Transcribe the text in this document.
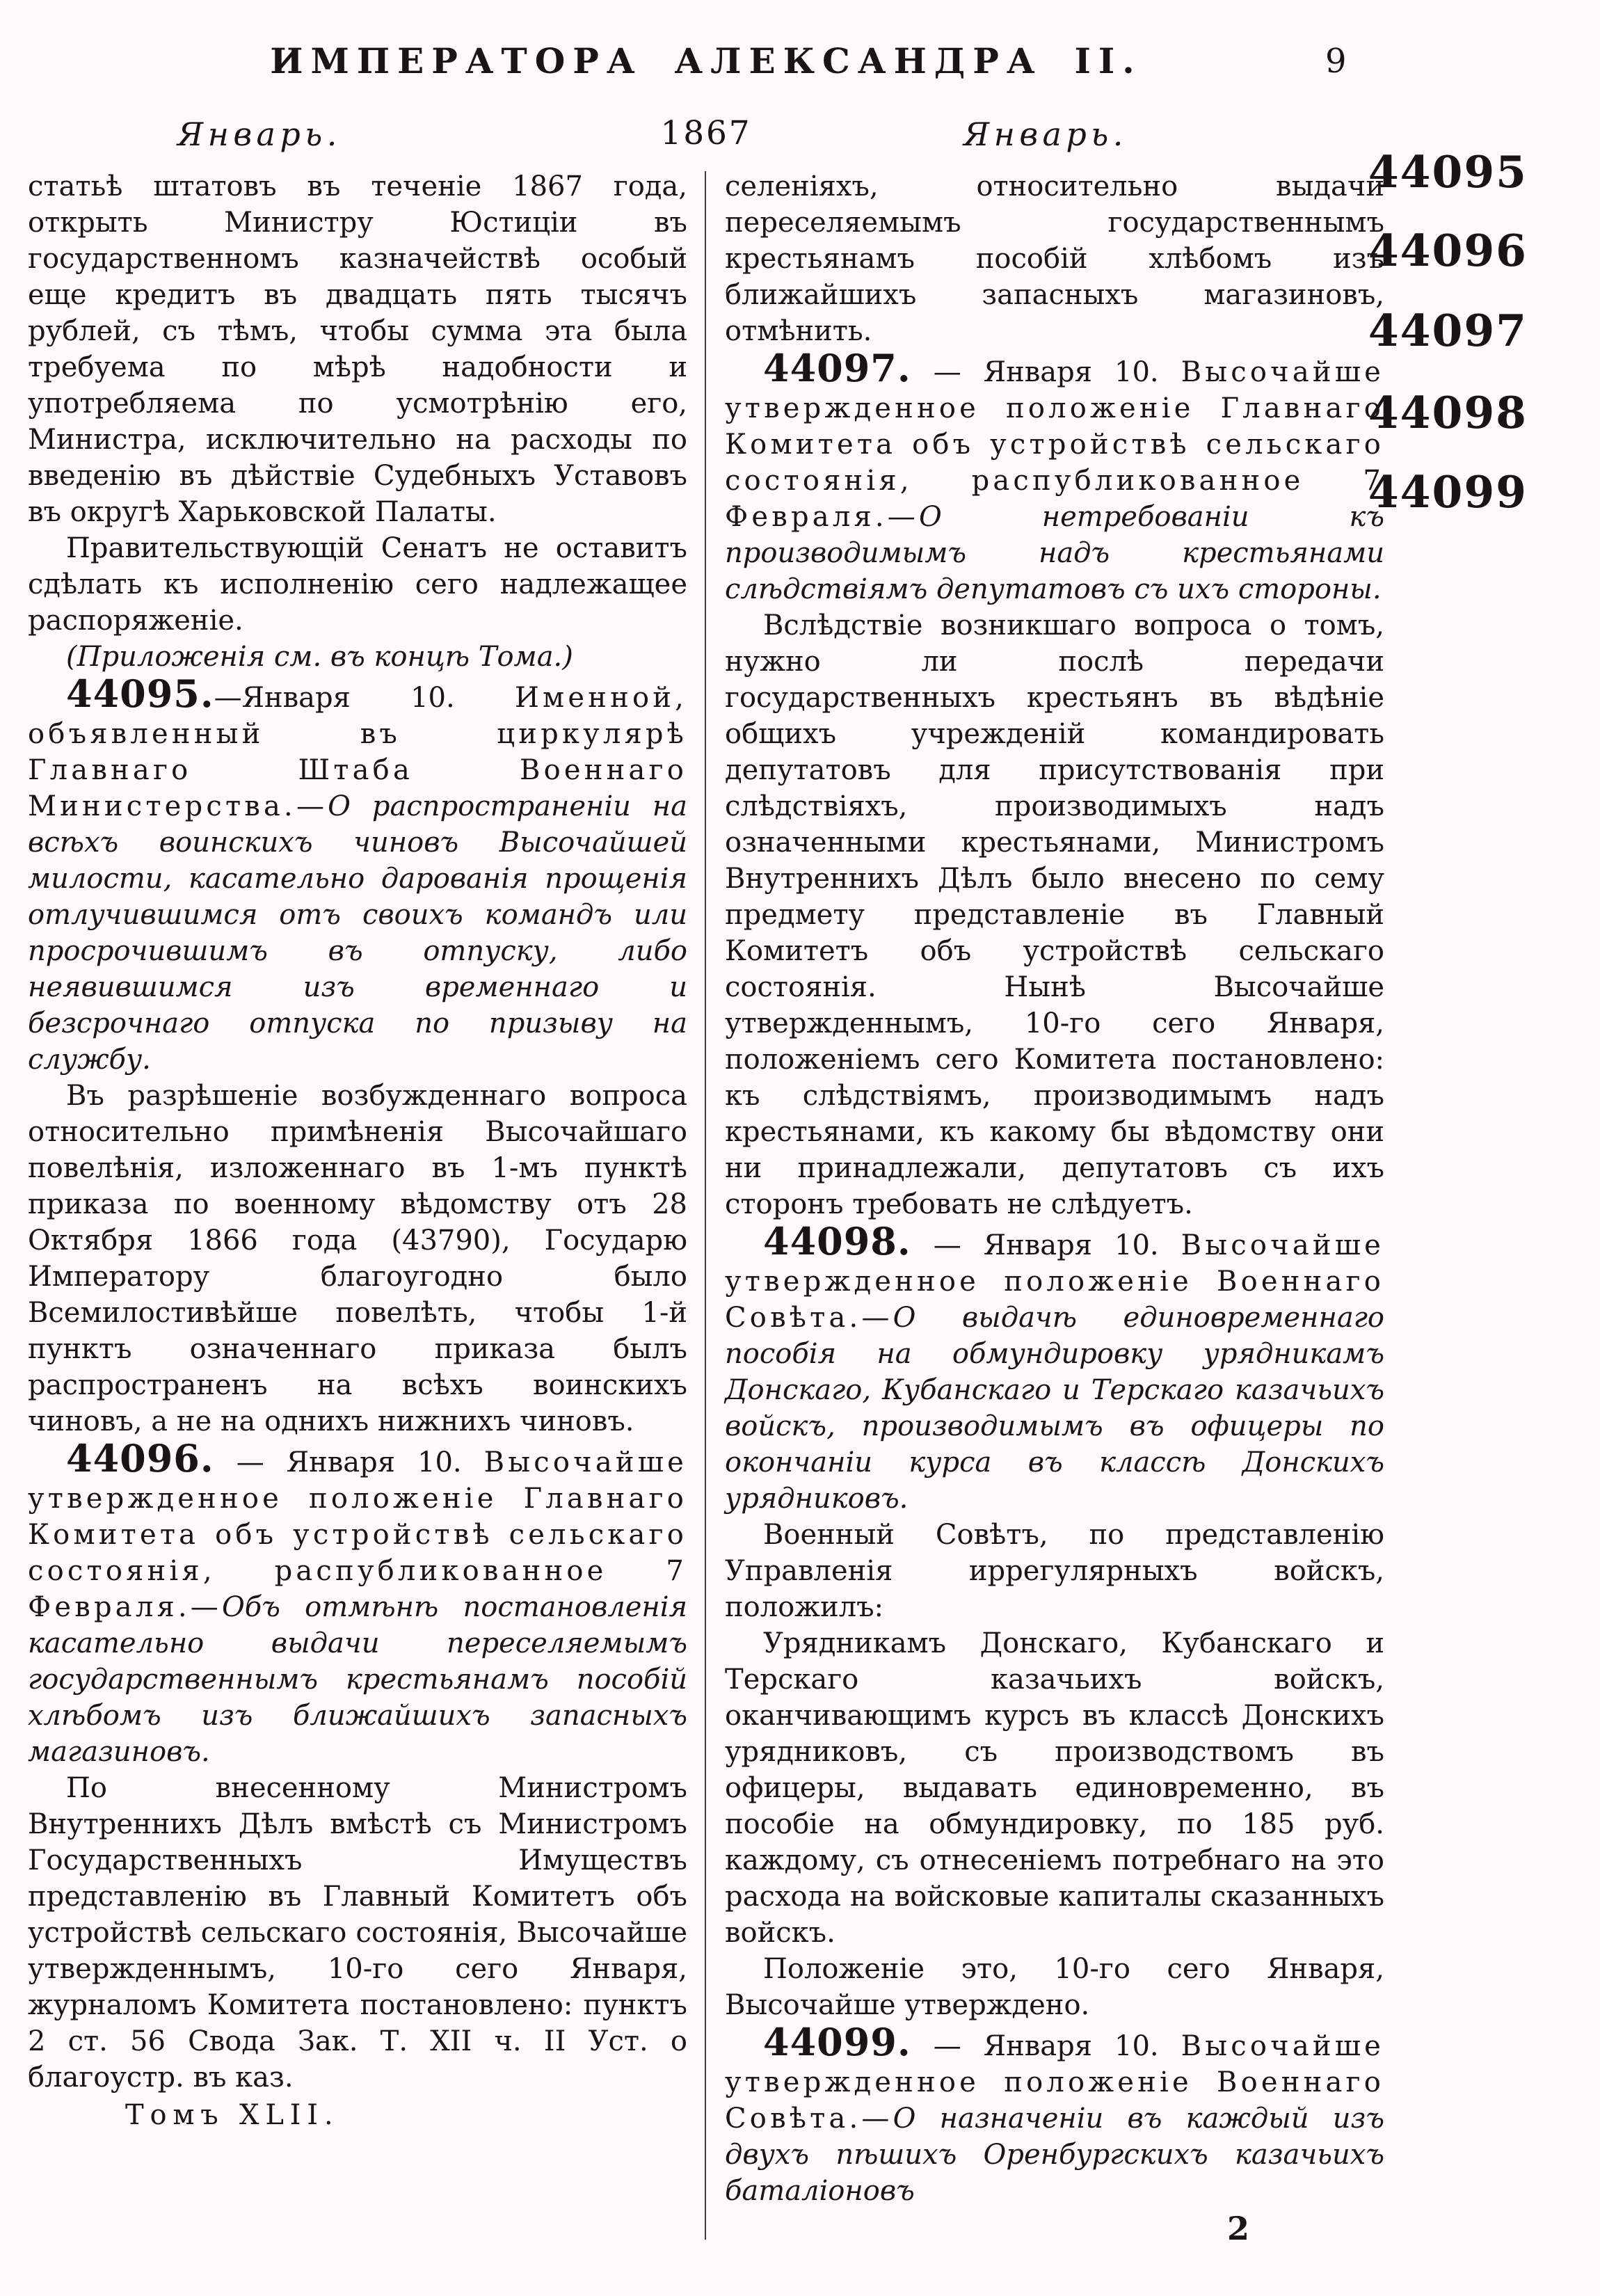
ИМПЕРАТОРА АЛЕКСАНДРА II.	9
Январь.	1867	Январь.

статьѣ штатовъ въ теченіе 1867 года, открыть Министру Юстиціи въ государственномъ казначействѣ особый еще кредитъ въ двадцать пять тысячъ рублей, съ тѣмъ, чтобы сумма эта была требуема по мѣрѣ надобности и употребляема по усмотрѣнію его, Министра, исключительно на расходы по введенію въ дѣйствіе Судебныхъ Уставовъ въ округѣ Харьковской Палаты.

Правительствующій Сенатъ не оставитъ сдѣлать къ исполненію сего надлежащее распоряженіе.

(Приложенія см. въ концѣ Тома.)

44095.—Января 10. Именной, объявленный въ циркулярѣ Главнаго Штаба Военнаго Министерства.—О распространеніи на всѣхъ воинскихъ чиновъ Высочайшей милости, касательно дарованія прощенія отлучившимся отъ своихъ командъ или просрочившимъ въ отпуску, либо неявившимся изъ временнаго и безсрочнаго отпуска по призыву на службу.

Въ разрѣшеніе возбужденнаго вопроса относительно примѣненія Высочайшаго повелѣнія, изложеннаго въ 1-мъ пунктѣ приказа по военному вѣдомству отъ 28 Октября 1866 года (43790), Государю Императору благоугодно было Всемилостивѣйше повелѣть, чтобы 1-й пунктъ означеннаго приказа былъ распространенъ на всѣхъ воинскихъ чиновъ, а не на однихъ нижнихъ чиновъ.

44096. — Января 10. Высочайше утвержденное положеніе Главнаго Комитета объ устройствѣ сельскаго состоянія, распубликованное 7 Февраля.—Объ отмѣнѣ постановленія касательно выдачи переселяемымъ государственнымъ крестьянамъ пособій хлѣбомъ изъ ближайшихъ запасныхъ магазиновъ.

По внесенному Министромъ Внутреннихъ Дѣлъ вмѣстѣ съ Министромъ Государственныхъ Имуществъ представленію въ Главный Комитетъ объ устройствѣ сельскаго состоянія, Высочайше утвержденнымъ, 10-го сего Января, журналомъ Комитета постановлено: пунктъ 2 ст. 56 Свода Зак. Т. XII ч. II Уст. о благоустр. въ каз.

Томъ XLII.

селеніяхъ, относительно выдачи переселяемымъ государственнымъ крестьянамъ пособій хлѣбомъ изъ ближайшихъ запасныхъ магазиновъ, отмѣнить.

44097. — Января 10. Высочайше утвержденное положеніе Главнаго Комитета объ устройствѣ сельскаго состоянія, распубликованное 7 Февраля.—О нетребованіи къ производимымъ надъ крестьянами слѣдствіямъ депутатовъ съ ихъ стороны.

Вслѣдствіе возникшаго вопроса о томъ, нужно ли послѣ передачи государственныхъ крестьянъ въ вѣдѣніе общихъ учрежденій командировать депутатовъ для присутствованія при слѣдствіяхъ, производимыхъ надъ означенными крестьянами, Министромъ Внутреннихъ Дѣлъ было внесено по сему предмету представленіе въ Главный Комитетъ объ устройствѣ сельскаго состоянія. Нынѣ Высочайше утвержденнымъ, 10-го сего Января, положеніемъ сего Комитета постановлено: къ слѣдствіямъ, производимымъ надъ крестьянами, къ какому бы вѣдомству они ни принадлежали, депутатовъ съ ихъ сторонъ требовать не слѣдуетъ.

44098. — Января 10. Высочайше утвержденное положеніе Военнаго Совѣта.—О выдачѣ единовременнаго пособія на обмундировку урядникамъ Донскаго, Кубанскаго и Терскаго казачьихъ войскъ, производимымъ въ офицеры по окончаніи курса въ классѣ Донскихъ урядниковъ.

Военный Совѣтъ, по представленію Управленія иррегулярныхъ войскъ, положилъ:

Урядникамъ Донскаго, Кубанскаго и Терскаго казачьихъ войскъ, оканчивающимъ курсъ въ классѣ Донскихъ урядниковъ, съ производствомъ въ офицеры, выдавать единовременно, въ пособіе на обмундировку, по 185 руб. каждому, съ отнесеніемъ потребнаго на это расхода на войсковые капиталы сказанныхъ войскъ.

Положеніе это, 10-го сего Января, Высочайше утверждено.

44099. — Января 10. Высочайше утвержденное положеніе Военнаго Совѣта.—О назначеніи въ каждый изъ двухъ пѣшихъ Оренбургскихъ казачьихъ баталіоновъ

2

44095
44096
44097
44098
44099
